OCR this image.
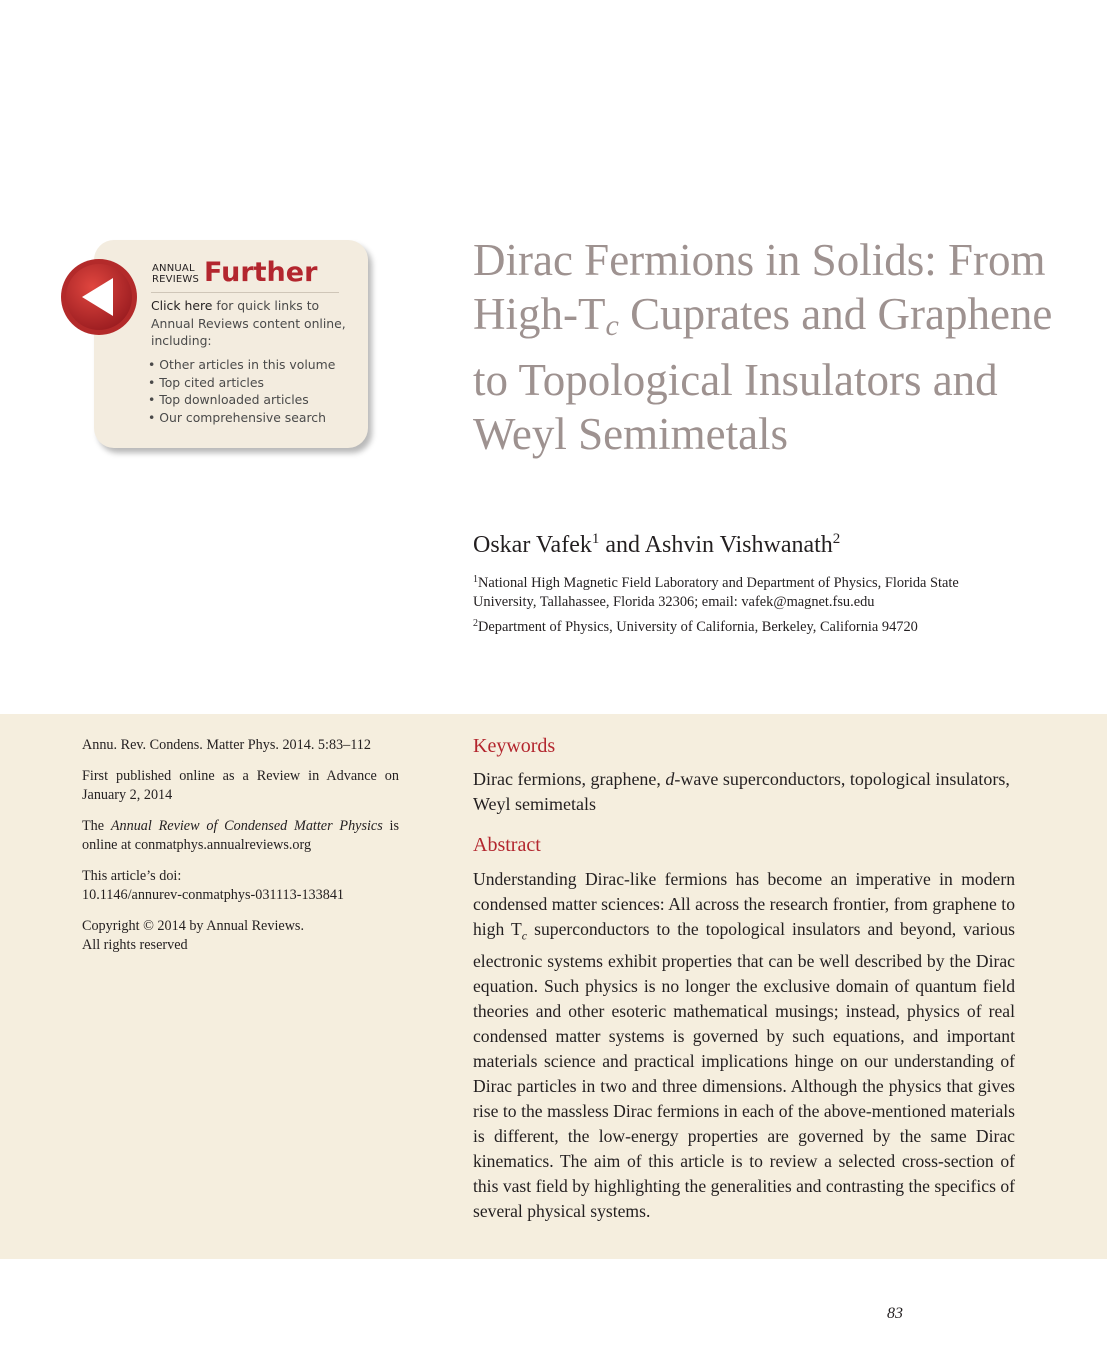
ANNUAL
REVIEWS Further
Click here for quick links to Annual Reviews content online, including:
• Other articles in this volume
• Top cited articles
• Top downloaded articles
• Our comprehensive search
Dirac Fermions in Solids: From High-Tc Cuprates and Graphene to Topological Insulators and Weyl Semimetals
Oskar Vafek$^1$ and Ashvin Vishwanath$^2$
$^1$National High Magnetic Field Laboratory and Department of Physics, Florida State University, Tallahassee, Florida 32306; email: vafek@magnet.fsu.edu
$^2$Department of Physics, University of California, Berkeley, California 94720

Annu. Rev. Condens. Matter Phys. 2014. 5:83–112

First published online as a Review in Advance on January 2, 2014

The Annual Review of Condensed Matter Physics is online at conmatphys.annualreviews.org

This article’s doi:
10.1146/annurev-conmatphys-031113-133841

Copyright © 2014 by Annual Reviews.
All rights reserved

Keywords
Dirac fermions, graphene, d-wave superconductors, topological insulators, Weyl semimetals
Abstract
Understanding Dirac-like fermions has become an imperative in modern condensed matter sciences: All across the research frontier, from graphene to high $T_c$ superconductors to the topological insulators and beyond, various electronic systems exhibit properties that can be well described by the Dirac equation. Such physics is no longer the exclusive domain of quantum field theories and other esoteric mathematical musings; instead, physics of real condensed matter systems is governed by such equations, and important materials science and practical implications hinge on our understanding of Dirac particles in two and three dimensions. Although the physics that gives rise to the massless Dirac fermions in each of the above-mentioned materials is different, the low-energy properties are governed by the same Dirac kinematics. The aim of this article is to review a selected cross-section of this vast field by highlighting the generalities and contrasting the specifics of several physical systems.
83
